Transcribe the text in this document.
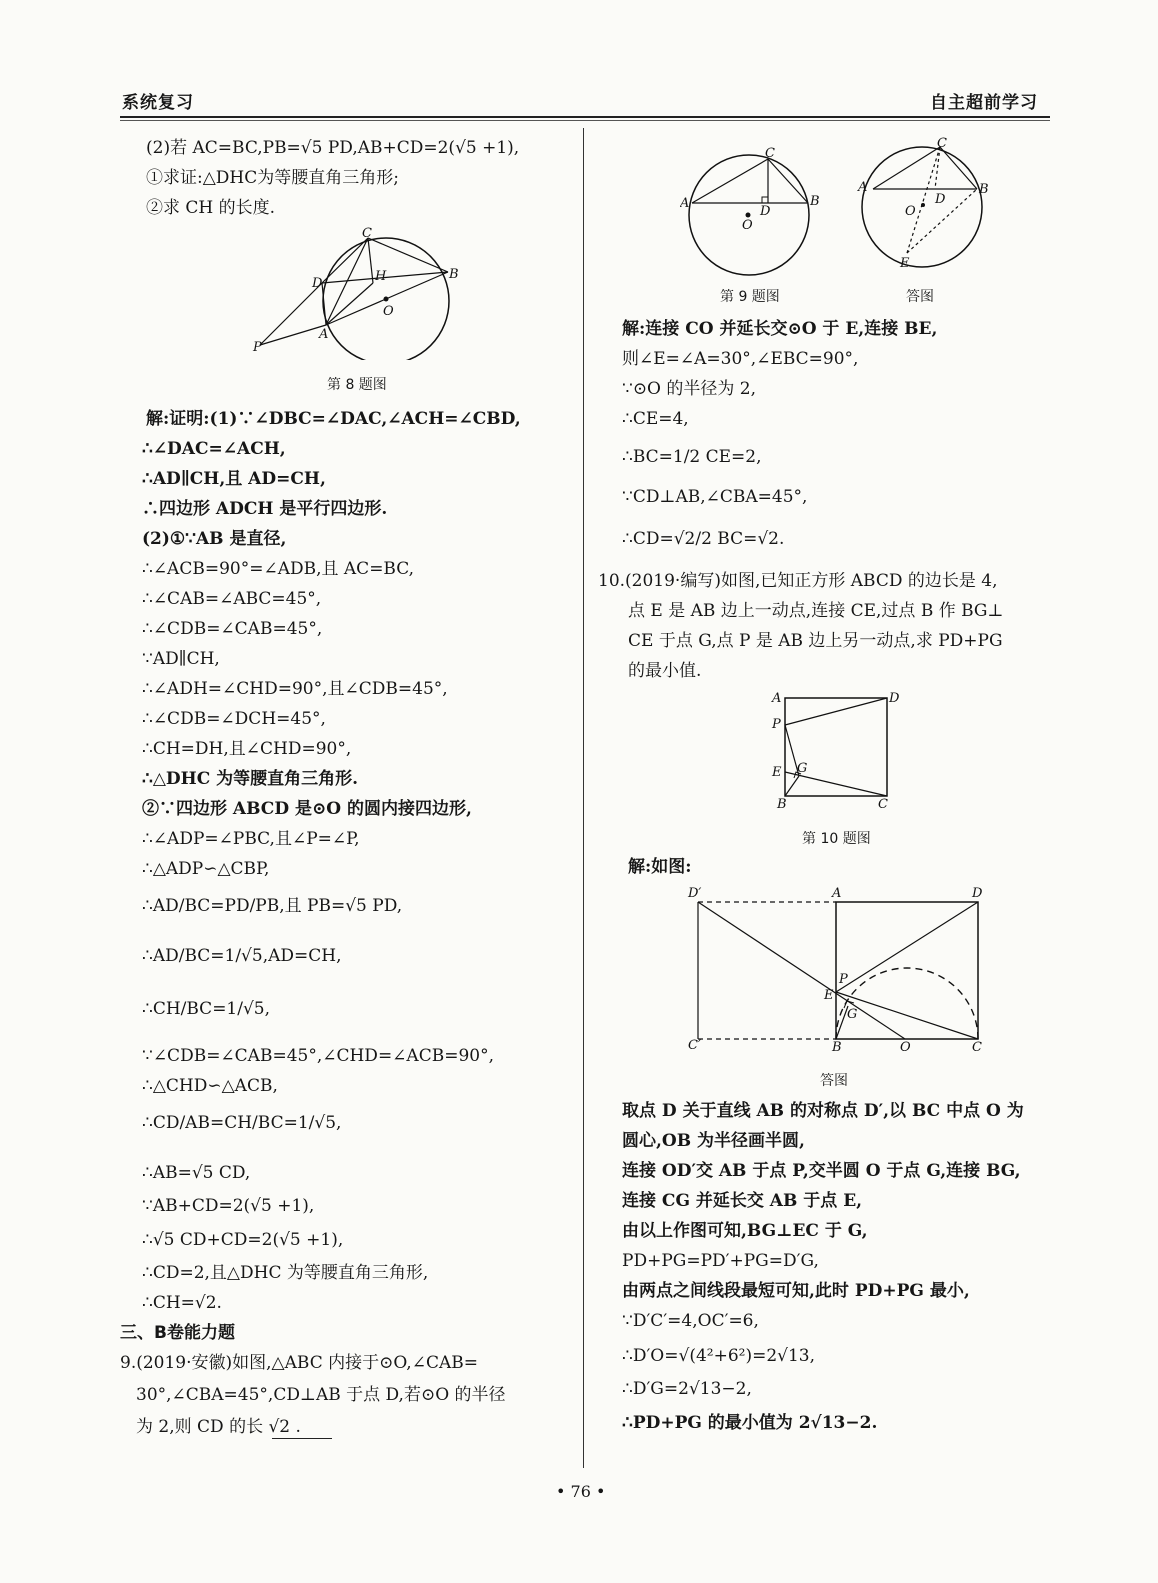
系统复习	自主超前学习
(2)若 AC=BC,PB=√5 PD,AB+CD=2(√5 +1),
①求证:△DHC为等腰直角三角形;
②求 CH 的长度.
C
B
D	H
O
A
P
第 8 题图
解:证明:(1)∵∠DBC=∠DAC,∠ACH=∠CBD,
∴∠DAC=∠ACH,
∴AD∥CH,且 AD=CH,
∴四边形 ADCH 是平行四边形.
(2)①∵AB 是直径,
∴∠ACB=90°=∠ADB,且 AC=BC,
∴∠CAB=∠ABC=45°,
∴∠CDB=∠CAB=45°,
∵AD∥CH,
∴∠ADH=∠CHD=90°,且∠CDB=45°,
∴∠CDB=∠DCH=45°,
∴CH=DH,且∠CHD=90°,
∴△DHC 为等腰直角三角形.
②∵四边形 ABCD 是⊙O 的圆内接四边形,
∴∠ADP=∠PBC,且∠P=∠P,
∴△ADP∽△CBP,
∴AD/BC=PD/PB,且 PB=√5 PD,
∴AD/BC=1/√5,AD=CH,
∴CH/BC=1/√5,
∵∠CDB=∠CAB=45°,∠CHD=∠ACB=90°,
∴△CHD∽△ACB,
∴CD/AB=CH/BC=1/√5,
∴AB=√5 CD,
∵AB+CD=2(√5 +1),
∴√5 CD+CD=2(√5 +1),
∴CD=2,且△DHC 为等腰直角三角形,
∴CH=√2.
三、B卷能力题
9.(2019·安徽)如图,△ABC 内接于⊙O,∠CAB=
30°,∠CBA=45°,CD⊥AB 于点 D,若⊙O 的半径
为 2,则 CD 的长 √2 .
C
A
D
B
O
第 9 题图
C
A
D
B
O
E
答图
解:连接 CO 并延长交⊙O 于 E,连接 BE,
则∠E=∠A=30°,∠EBC=90°,
∵⊙O 的半径为 2,
∴CE=4,
∴BC=1/2 CE=2,
∵CD⊥AB,∠CBA=45°,
∴CD=√2/2 BC=√2.
10.(2019·编写)如图,已知正方形 ABCD 的边长是 4,
点 E 是 AB 边上一动点,连接 CE,过点 B 作 BG⊥
CE 于点 G,点 P 是 AB 边上另一动点,求 PD+PG
的最小值.
A	D
P
E G
B	C
第 10 题图
解:如图:
D′	A	D
P
E
G
C′	B	O	C
答图
取点 D 关于直线 AB 的对称点 D′,以 BC 中点 O 为
圆心,OB 为半径画半圆,
连接 OD′交 AB 于点 P,交半圆 O 于点 G,连接 BG,
连接 CG 并延长交 AB 于点 E,
由以上作图可知,BG⊥EC 于 G,
PD+PG=PD′+PG=D′G,
由两点之间线段最短可知,此时 PD+PG 最小,
∵D′C′=4,OC′=6,
∴D′O=√(4²+6²)=2√13,
∴D′G=2√13−2,
∴PD+PG 的最小值为 2√13−2.
• 76 •
